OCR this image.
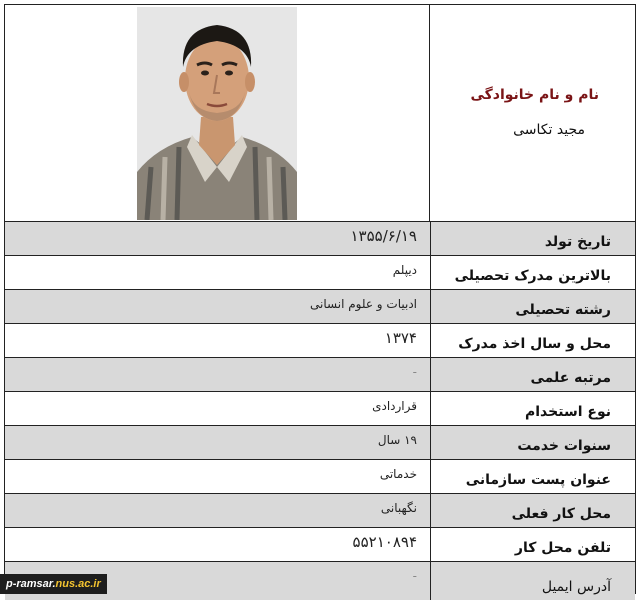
نام و نام خانوادگی
مجید تکاسی
تاریخ تولد
۱۳۵۵/۶/۱۹
بالاترین مدرک تحصیلی
دیپلم
رشته تحصیلی
ادبیات و علوم انسانی
محل و سال اخذ مدرک
۱۳۷۴
مرتبه علمی
-
نوع استخدام
قراردادی
سنوات خدمت
۱۹ سال
عنوان پست سازمانی
خدماتی
محل کار فعلی
نگهبانی
تلفن محل کار
۵۵۲۱۰۸۹۴
آدرس ایمیل
-
p-ramsar. nus.ac.ir
